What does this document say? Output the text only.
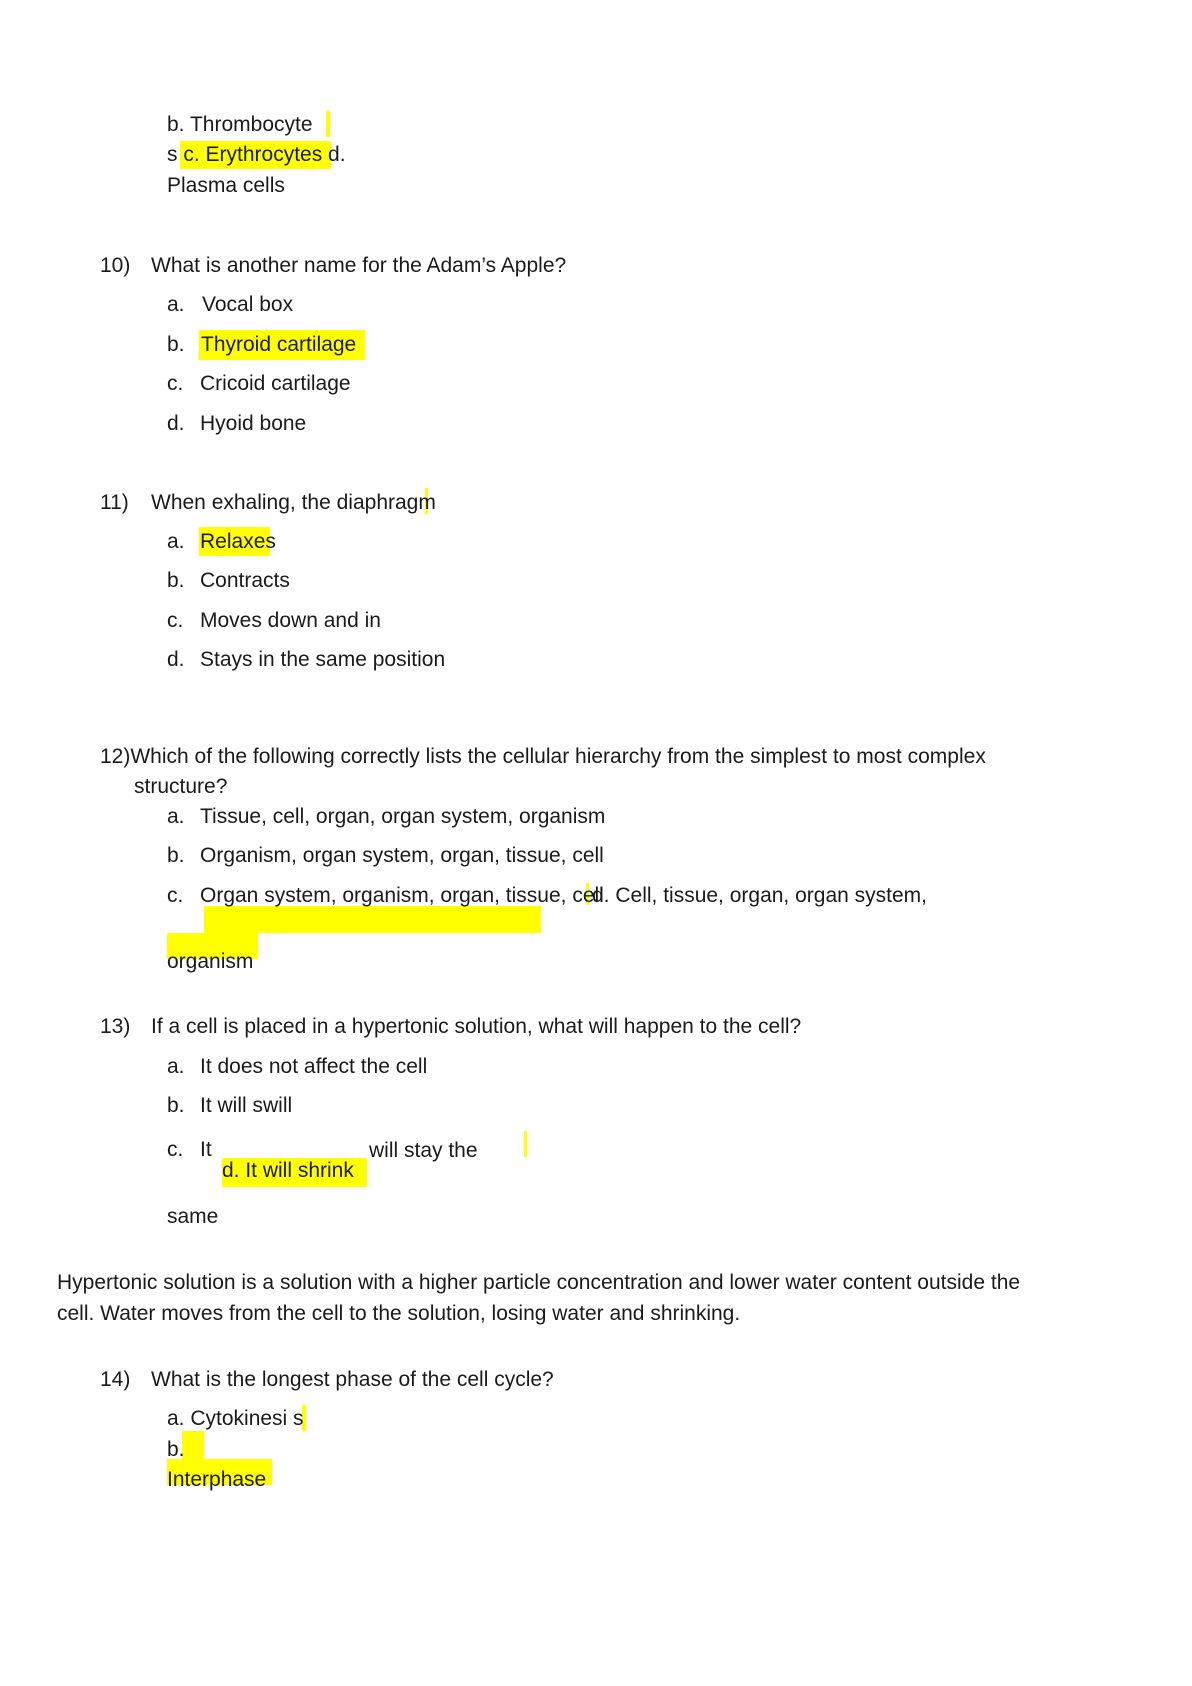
b. Thrombocyte
s c. Erythrocytes d.
Plasma cells
10) What is another name for the Adam’s Apple?
a. Vocal box
b. Thyroid cartilage
c. Cricoid cartilage
d. Hyoid bone
11) When exhaling, the diaphragm
a. Relaxes
b. Contracts
c. Moves down and in
d. Stays in the same position
12)Which of the following correctly lists the cellular hierarchy from the simplest to most complex
structure?
a. Tissue, cell, organ, organ system, organism
b. Organism, organ system, organ, tissue, cell
c. Organ system, organism, organ, tissue, cell
d. Cell, tissue, organ, organ system,
organism
13) If a cell is placed in a hypertonic solution, what will happen to the cell?
a. It does not affect the cell
b. It will swill
c. It	will stay the
d. It will shrink
same
Hypertonic solution is a solution with a higher particle concentration and lower water content outside the
cell. Water moves from the cell to the solution, losing water and shrinking.
14) What is the longest phase of the cell cycle?
a. Cytokinesi s
b.
Interphase
